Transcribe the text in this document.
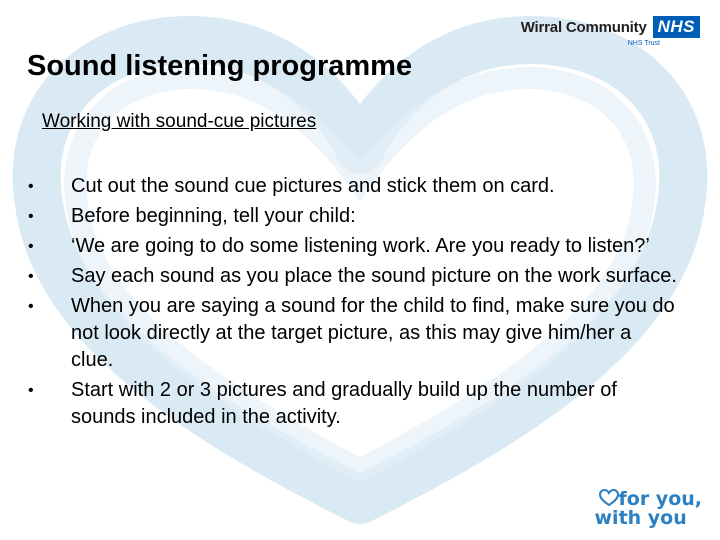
Wirral Community NHS
NHS Trust
Sound listening programme

Working with sound-cue pictures

•	Cut out the sound cue pictures and stick them on card.
•	Before beginning, tell your child:
•	‘We are going to do some listening work. Are you ready to listen?’
•	Say each sound as you place the sound picture on the work surface.
•	When you are saying a sound for the child to find, make sure you do not look directly at the target picture, as this may give him/her a clue.
•	Start with 2 or 3 pictures and gradually build up the number of sounds included in the activity.
for you,
with you
